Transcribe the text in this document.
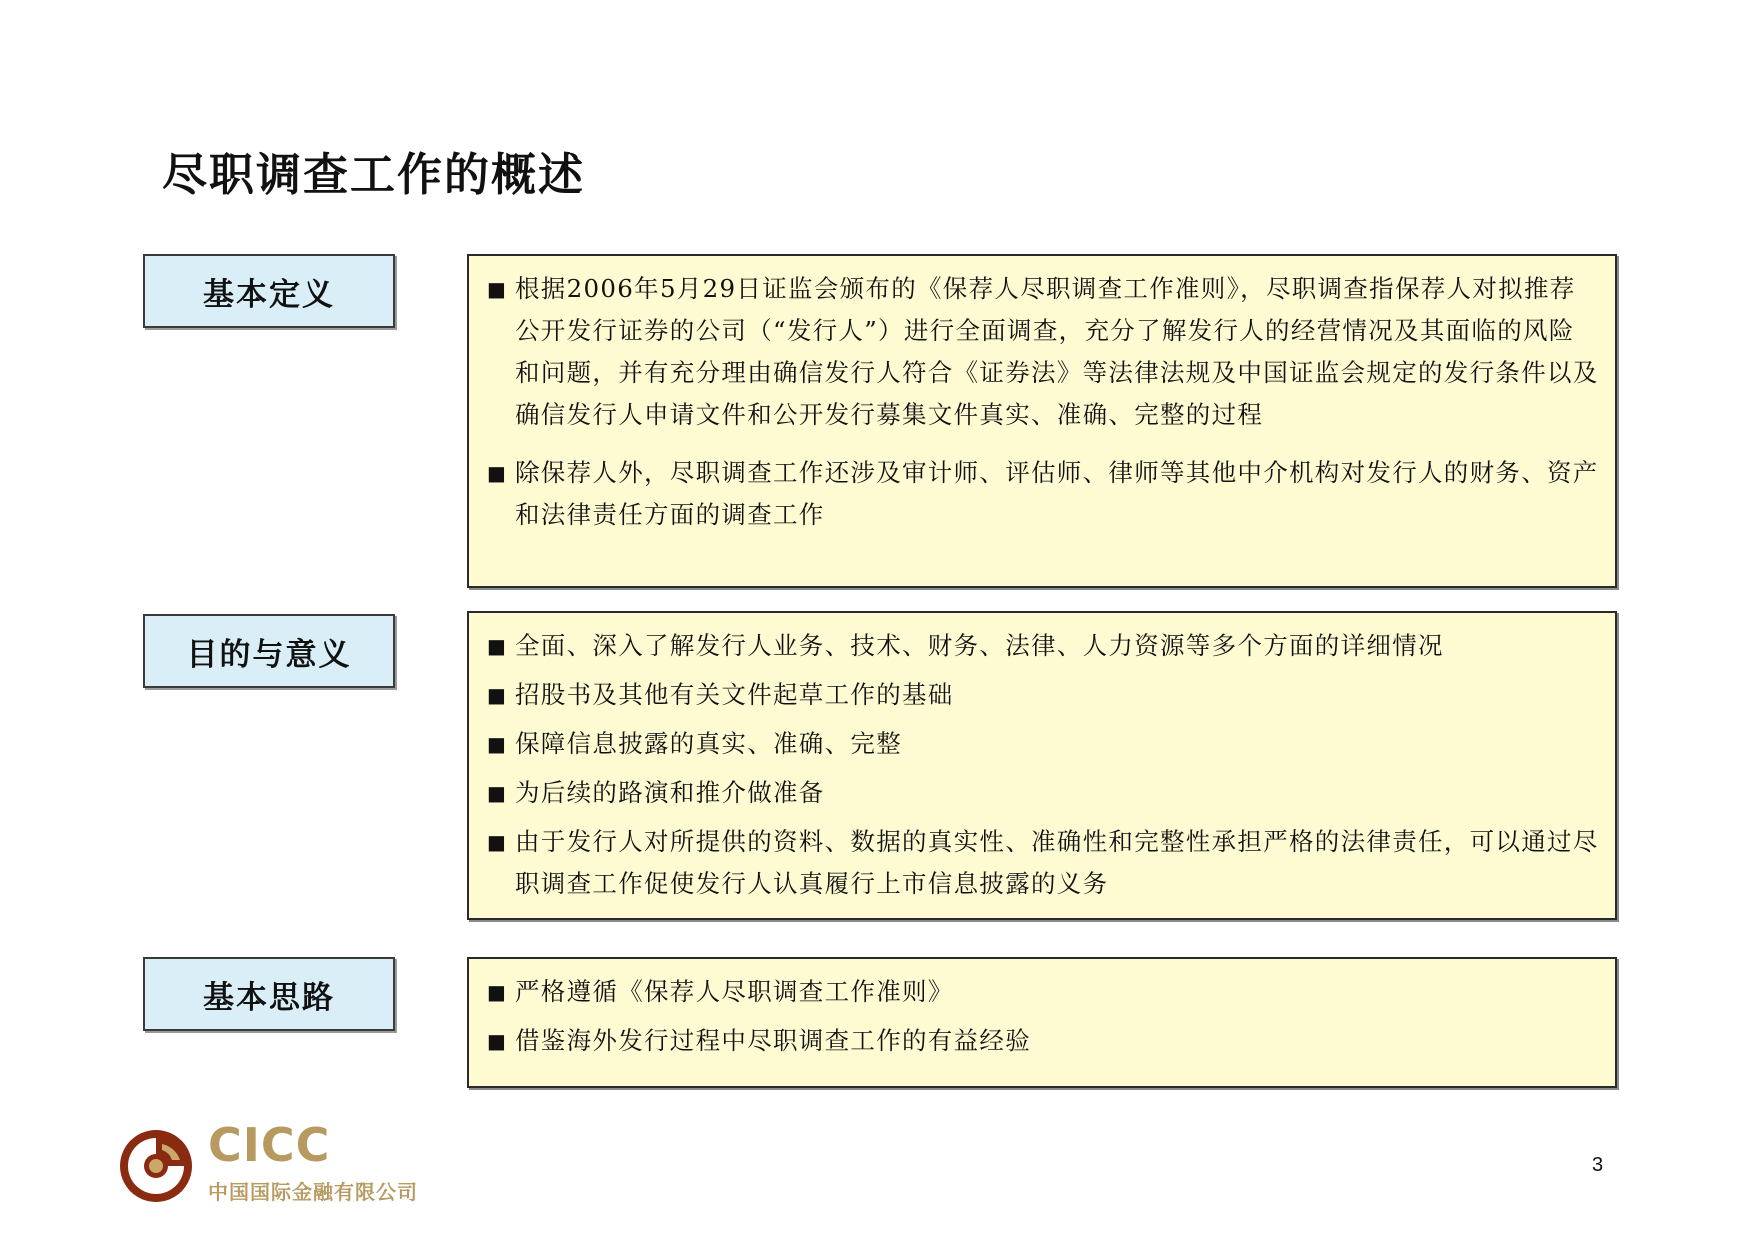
尽职调查工作的概述
基本定义	■ 根据2006年5月29日证监会颁布的《保荐人尽职调查工作准则》，尽职调查指保荐人对拟推荐公开发行证券的公司（“发行人”）进行全面调查，充分了解发行人的经营情况及其面临的风险和问题，并有充分理由确信发行人符合《证券法》等法律法规及中国证监会规定的发行条件以及确信发行人申请文件和公开发行募集文件真实、准确、完整的过程
■ 除保荐人外，尽职调查工作还涉及审计师、评估师、律师等其他中介机构对发行人的财务、资产和法律责任方面的调查工作
目的与意义	■ 全面、深入了解发行人业务、技术、财务、法律、人力资源等多个方面的详细情况
■ 招股书及其他有关文件起草工作的基础
■ 保障信息披露的真实、准确、完整
■ 为后续的路演和推介做准备
■ 由于发行人对所提供的资料、数据的真实性、准确性和完整性承担严格的法律责任，可以通过尽职调查工作促使发行人认真履行上市信息披露的义务
基本思路	■ 严格遵循《保荐人尽职调查工作准则》
■ 借鉴海外发行过程中尽职调查工作的有益经验
CICC
中国国际金融有限公司
3
